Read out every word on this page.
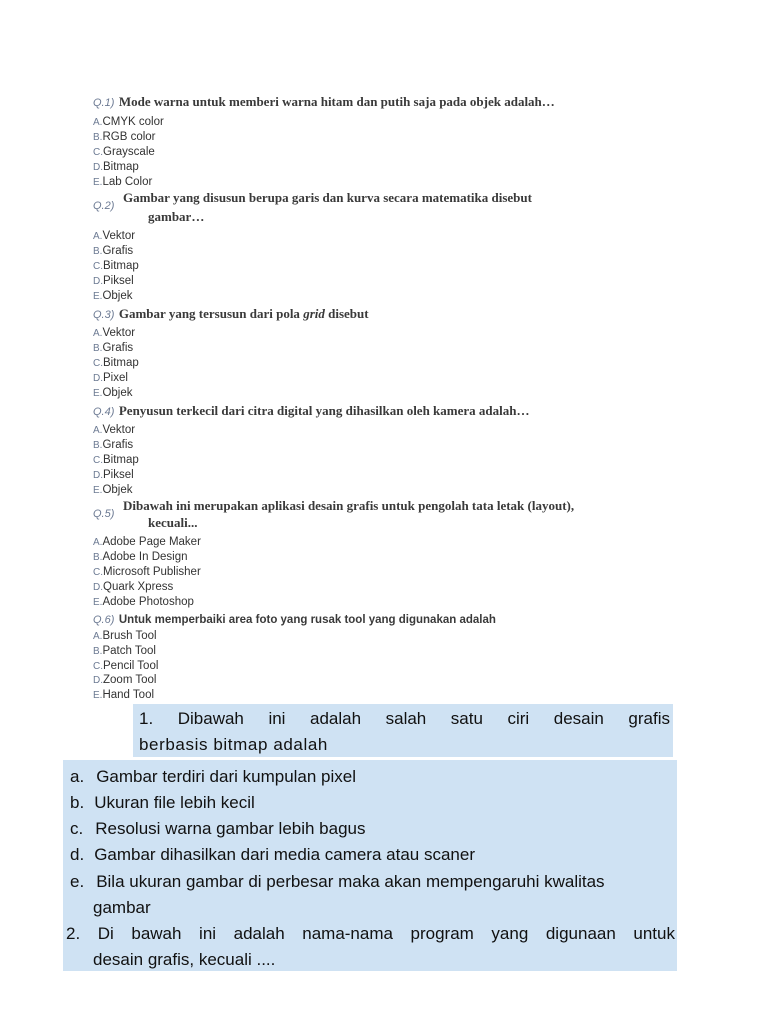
Q.1) Mode warna untuk memberi warna hitam dan putih saja pada objek adalah…
A.CMYK color
B.RGB color
C.Grayscale
D.Bitmap
E.Lab Color
Q.2)
Gambar yang disusun berupa garis dan kurva secara matematika disebut
gambar…
A.Vektor
B.Grafis
C.Bitmap
D.Piksel
E.Objek
Q.3) Gambar yang tersusun dari pola grid disebut
A.Vektor
B.Grafis
C.Bitmap
D.Pixel
E.Objek
Q.4) Penyusun terkecil dari citra digital yang dihasilkan oleh kamera adalah…
A.Vektor
B.Grafis
C.Bitmap
D.Piksel
E.Objek
Q.5)
Dibawah ini merupakan aplikasi desain grafis untuk pengolah tata letak (layout),
kecuali...
A.Adobe Page Maker
B.Adobe In Design
C.Microsoft Publisher
D.Quark Xpress
E.Adobe Photoshop
Q.6) Untuk memperbaiki area foto yang rusak tool yang digunakan adalah
A.Brush Tool
B.Patch Tool
C.Pencil Tool
D.Zoom Tool
E.Hand Tool
1. Dibawah ini adalah salah satu ciri desain grafis
berbasis bitmap adalah
a. Gambar terdiri dari kumpulan pixel
b. Ukuran file lebih kecil
c. Resolusi warna gambar lebih bagus
d. Gambar dihasilkan dari media camera atau scaner
e. Bila ukuran gambar di perbesar maka akan mempengaruhi kwalitas
gambar
2. Di bawah ini adalah nama-nama program yang digunaan untuk
desain grafis, kecuali ....
